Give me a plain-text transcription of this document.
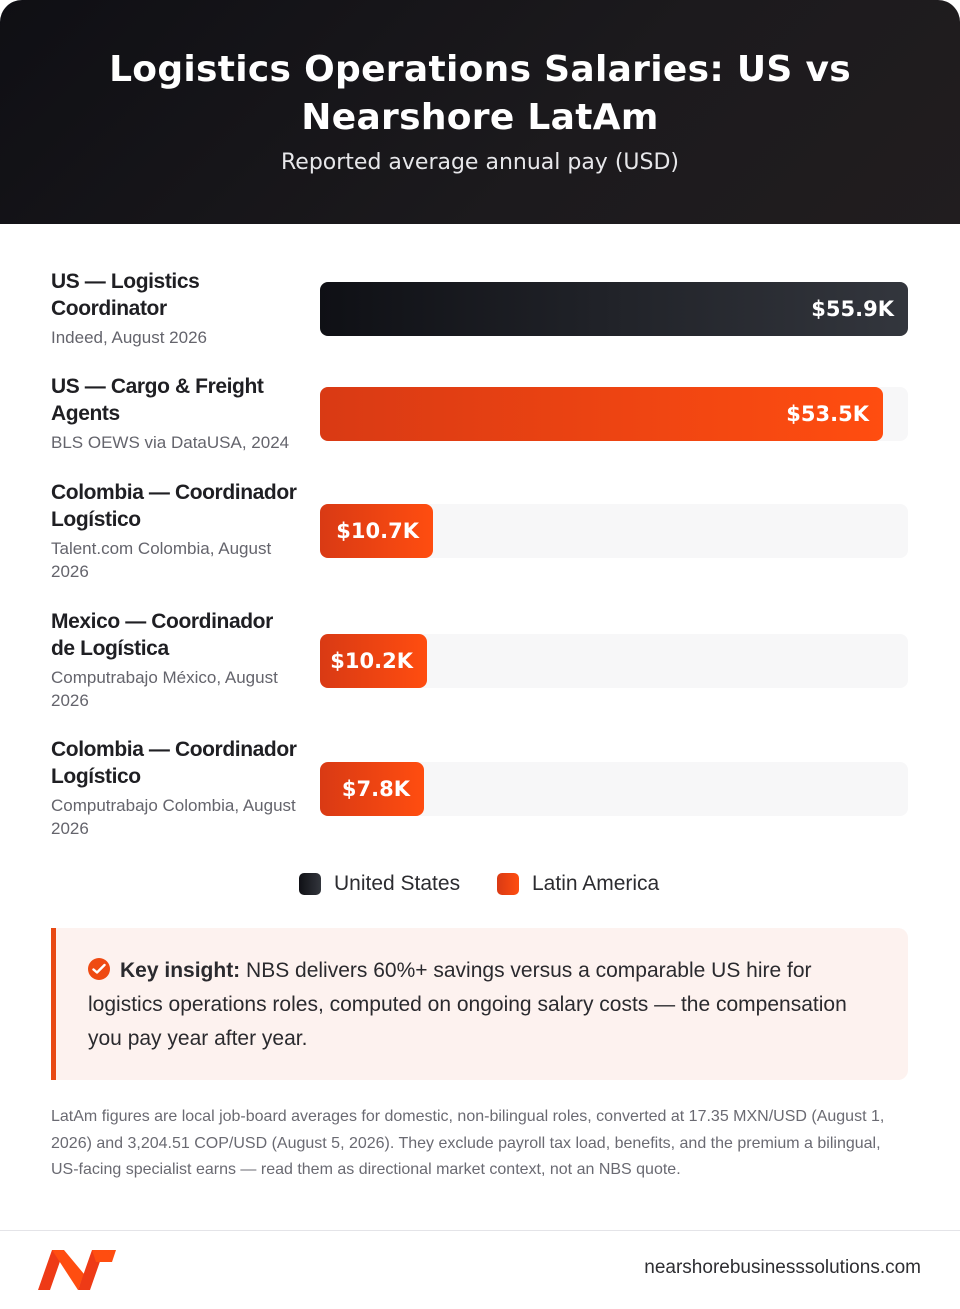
Logistics Operations Salaries: US vs Nearshore LatAm
Reported average annual pay (USD)
US — Logistics Coordinator
Indeed, August 2026
$55.9K
US — Cargo & Freight Agents
BLS OEWS via DataUSA, 2024
$53.5K
Colombia — Coordinador Logístico
Talent.com Colombia, August 2026
$10.7K
Mexico — Coordinador de Logística
Computrabajo México, August 2026
$10.2K
Colombia — Coordinador Logístico
Computrabajo Colombia, August 2026
$7.8K
United States	Latin America
Key insight: NBS delivers 60%+ savings versus a comparable US hire for logistics operations roles, computed on ongoing salary costs — the compensation you pay year after year.
LatAm figures are local job-board averages for domestic, non-bilingual roles, converted at 17.35 MXN/USD (August 1, 2026) and 3,204.51 COP/USD (August 5, 2026). They exclude payroll tax load, benefits, and the premium a bilingual, US-facing specialist earns — read them as directional market context, not an NBS quote.
nearshorebusinesssolutions.com
